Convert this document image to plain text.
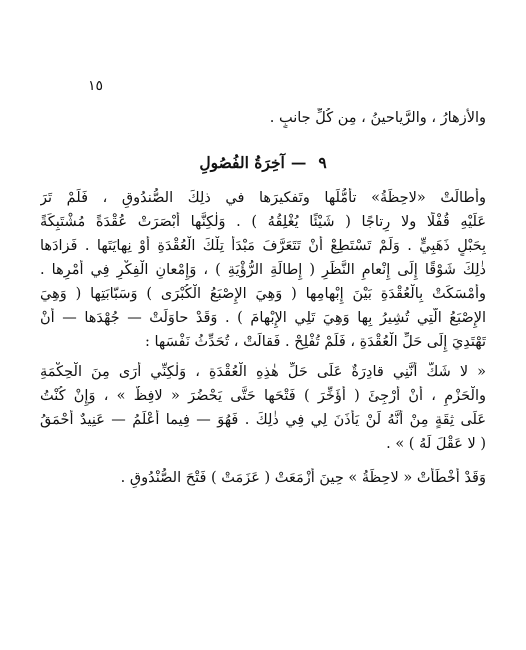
١٥
والأزهارُ ، والرَّياحينُ ، مِن كُلِّ جانبٍ .
٩—آخِرَةُ الفُصُولِ
وأطالَتْ «لاحِظَةُ» تأمُّلَها وتَفكيرَها في ذلِكَ الصُّندُوقِ ، فَلَمْ تَرَ
عَلَيْهِ قُفْلًا ولا رِتاجًا ( شَيْئًا يُغْلِقُهُ ) . وَلٰكِنَّها أَبْصَرَتْ عُقْدَةً مُشْتَبِكَةً
بِحَبْلٍ ذَهَبِيٍّ . وَلَمْ تَسْتَطِعْ أَنْ تَتَعَرَّفَ مَبْدَأَ تِلْكَ الْعُقْدَةِ أَوْ نِهايَتَها . فَزادَها
ذٰلِكَ شَوْقًا إِلَى إِنْعامِ النَّظَرِ ( إِطالَةِ الرُّؤْيَةِ ) ، وَإِمْعانِ الْفِكْرِ فِي أَمْرِها .
وأَمْسَكَتْ بِالْعُقْدَةِ بَيْنَ إِبْهامِها ( وَهِيَ الإِصْبَعُ الْكُبْرَى ) وَسَبّابَتِها ( وَهِيَ
الإِصْبَعُ الَّتِي تُشِيرُ بِها وَهِيَ تَلِي الإِبْهامَ ) . وَقَدْ حاوَلَتْ — جُهْدَها — أَنْ
تَهْتَدِيَ إِلَى حَلِّ الْعُقْدَةِ ، فَلَمْ تُفْلِحْ . فَقالَتْ ، تُحَدِّثُ نَفْسَها :
« لا شَكَّ أَنَّنِي قادِرَةٌ عَلَى حَلِّ هٰذِهِ الْعُقْدَةِ ، وَلٰكِنِّي أَرَى مِنَ الْحِكْمَةِ
والْحَزْمِ ، أَنْ أُرْجِئَ ( أُؤَخِّرَ ) فَتْحَها حَتَّى يَحْضُرَ « لافِظٌ » ، وَإِنْ كُنْتُ
عَلَى ثِقَةٍ مِنْ أَنَّهُ لَنْ يَأْذَنَ لِي فِي ذٰلِكَ . فَهُوَ — فِيما أَعْلَمُ — عَنِيدٌ أَحْمَقُ
( لا عَقْلَ لَهُ ) » .
وَقَدْ أَخْطَأَتْ « لاحِظَةُ » حِينَ أَزْمَعَتْ ( عَزَمَتْ ) فَتْحَ الصُّنْدُوقِ .
